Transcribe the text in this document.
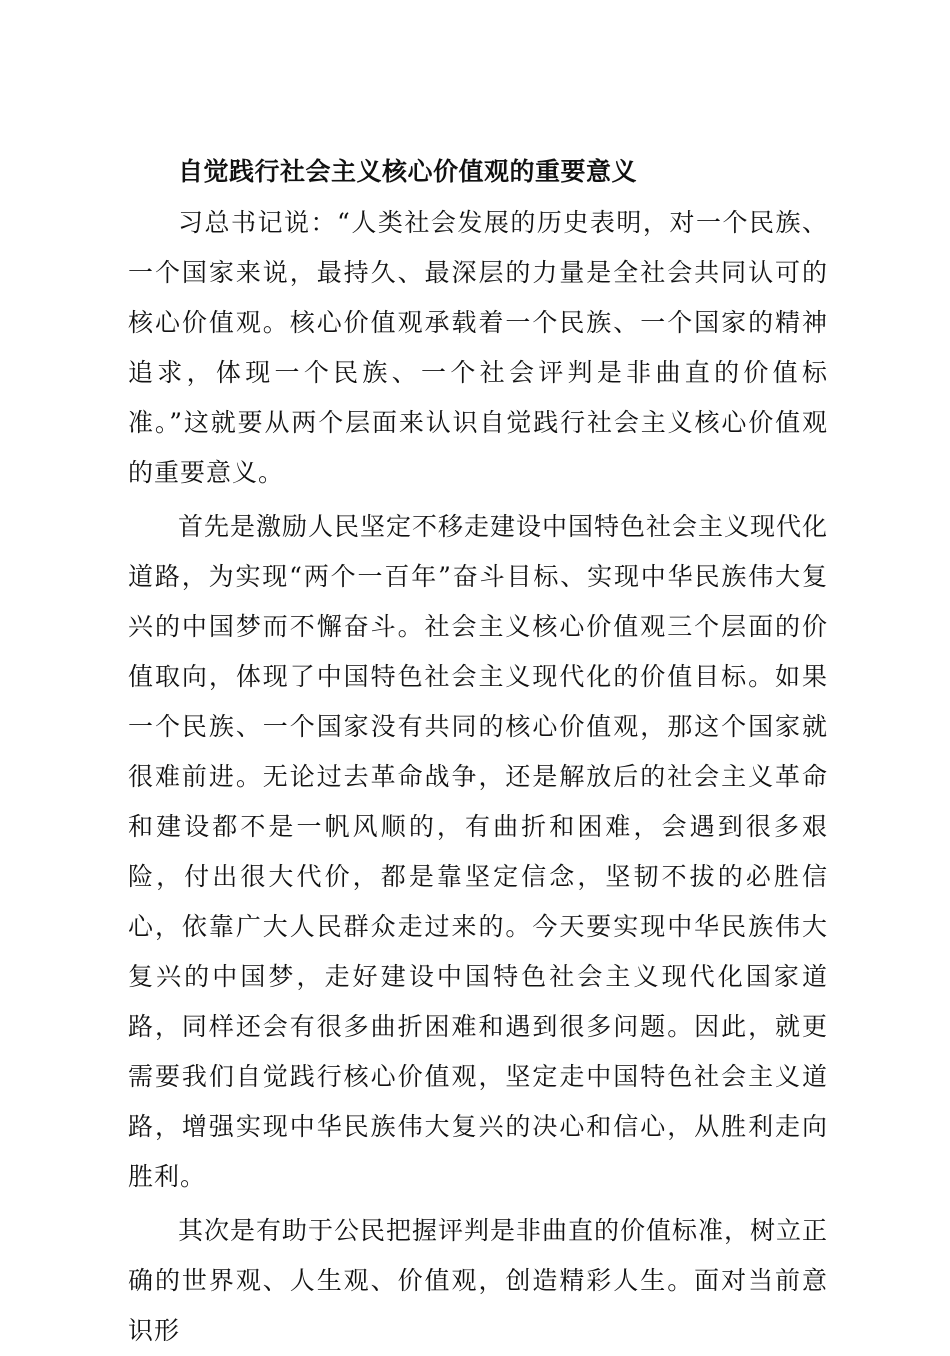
自觉践行社会主义核心价值观的重要意义

习总书记说：“人类社会发展的历史表明，对一个民族、一个国家来说，最持久、最深层的力量是全社会共同认可的核心价值观。核心价值观承载着一个民族、一个国家的精神追求，体现一个民族、一个社会评判是非曲直的价值标准。”这就要从两个层面来认识自觉践行社会主义核心价值观的重要意义。

首先是激励人民坚定不移走建设中国特色社会主义现代化道路，为实现“两个一百年”奋斗目标、实现中华民族伟大复兴的中国梦而不懈奋斗。社会主义核心价值观三个层面的价值取向，体现了中国特色社会主义现代化的价值目标。如果一个民族、一个国家没有共同的核心价值观，那这个国家就很难前进。无论过去革命战争，还是解放后的社会主义革命和建设都不是一帆风顺的，有曲折和困难，会遇到很多艰险，付出很大代价，都是靠坚定信念，坚韧不拔的必胜信心，依靠广大人民群众走过来的。今天要实现中华民族伟大复兴的中国梦，走好建设中国特色社会主义现代化国家道路，同样还会有很多曲折困难和遇到很多问题。因此，就更需要我们自觉践行核心价值观，坚定走中国特色社会主义道路，增强实现中华民族伟大复兴的决心和信心，从胜利走向胜利。

其次是有助于公民把握评判是非曲直的价值标准，树立正确的世界观、人生观、价值观，创造精彩人生。面对当前意识形
